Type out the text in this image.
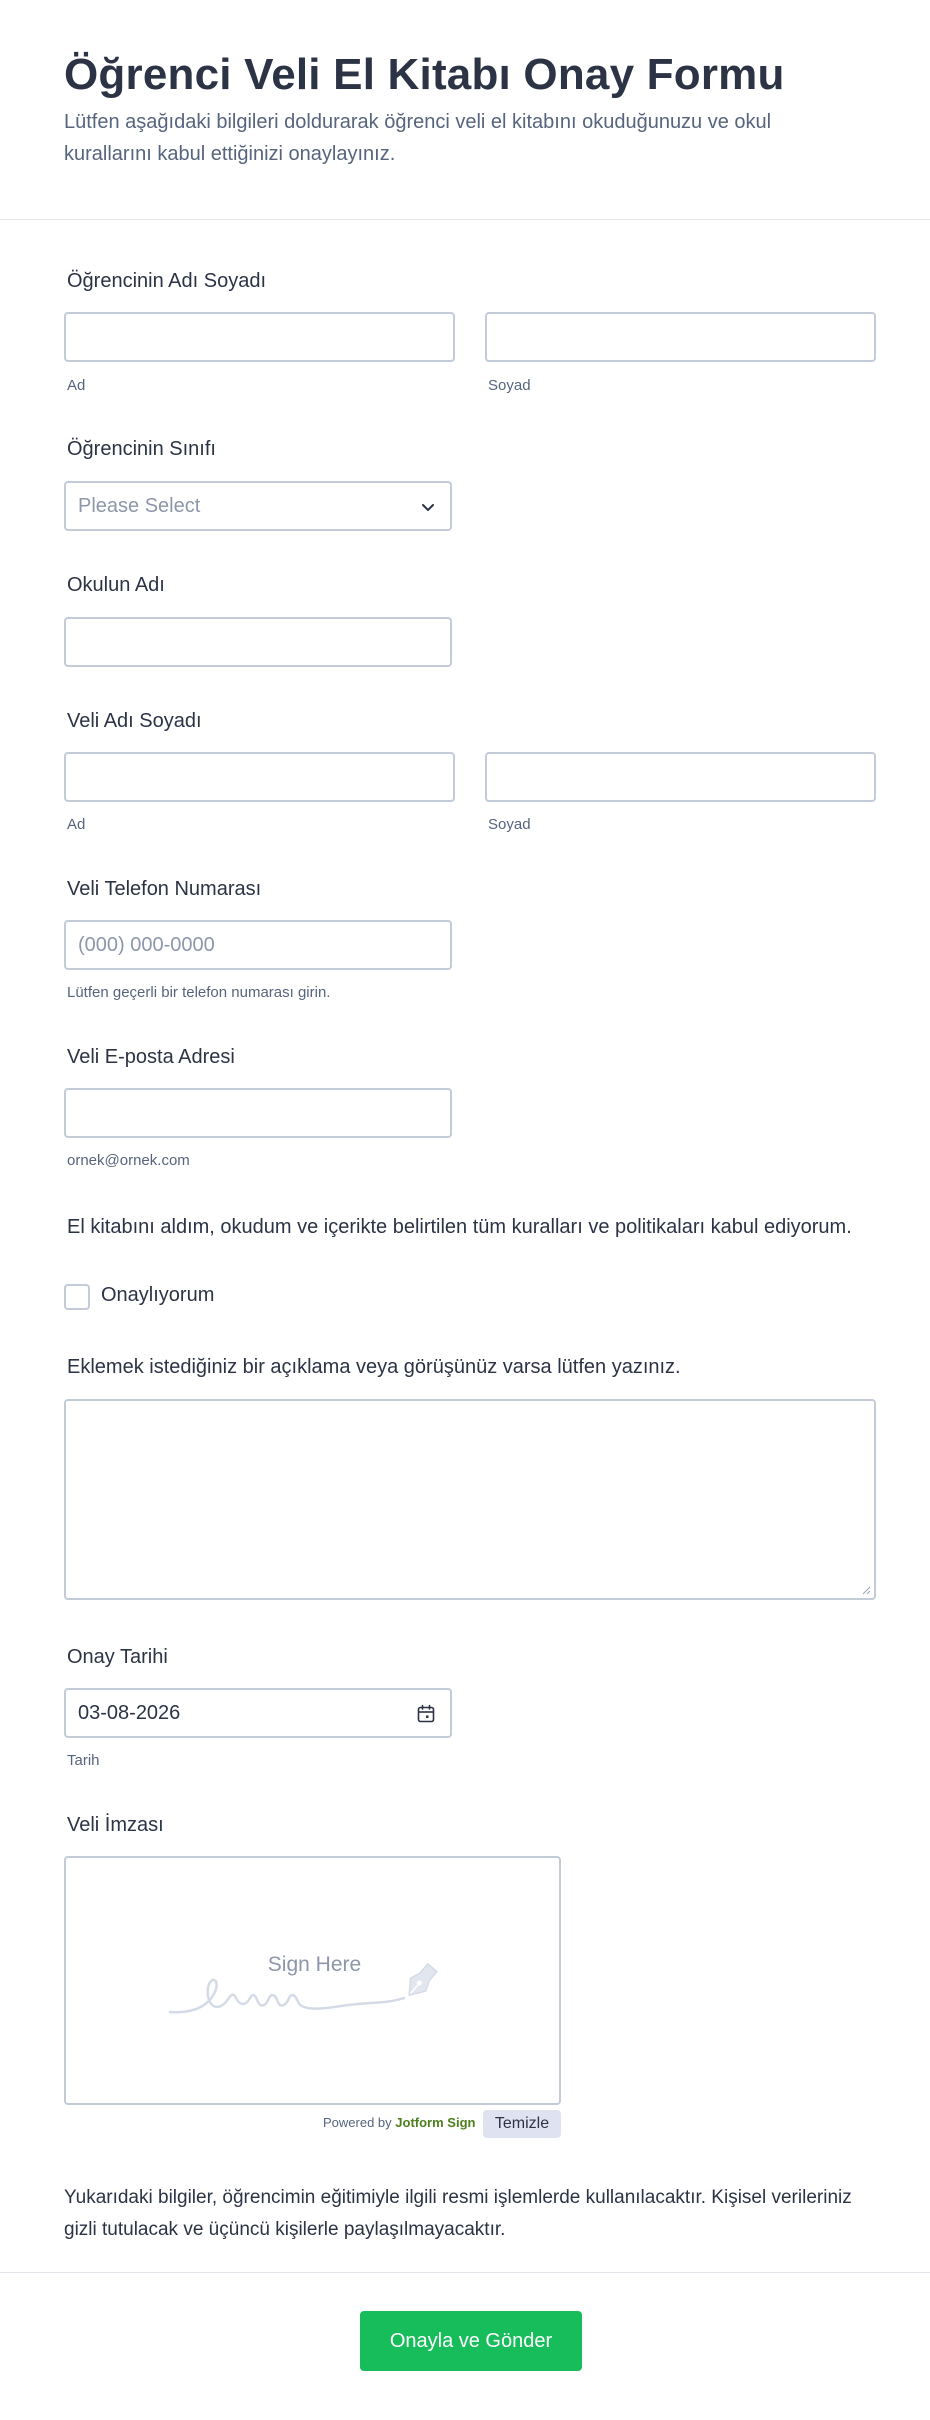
Öğrenci Veli El Kitabı Onay Formu

Lütfen aşağıdaki bilgileri doldurarak öğrenci veli el kitabını okuduğunuzu ve okul kurallarını kabul ettiğinizi onaylayınız.

Öğrencinin Adı Soyadı
Ad	Soyad
Öğrencinin Sınıfı
Please Select
Okulun Adı
Veli Adı Soyadı
Ad	Soyad
Veli Telefon Numarası
(000) 000-0000
Lütfen geçerli bir telefon numarası girin.
Veli E-posta Adresi
ornek@ornek.com
El kitabını aldım, okudum ve içerikte belirtilen tüm kuralları ve politikaları kabul ediyorum.
Onaylıyorum
Eklemek istediğiniz bir açıklama veya görüşünüz varsa lütfen yazınız.
Onay Tarihi
03-08-2026
Tarih
Veli İmzası
Sign Here
Powered by Jotform Sign	Temizle

Yukarıdaki bilgiler, öğrencimin eğitimiyle ilgili resmi işlemlerde kullanılacaktır. Kişisel verileriniz gizli tutulacak ve üçüncü kişilerle paylaşılmayacaktır.

Onayla ve Gönder
